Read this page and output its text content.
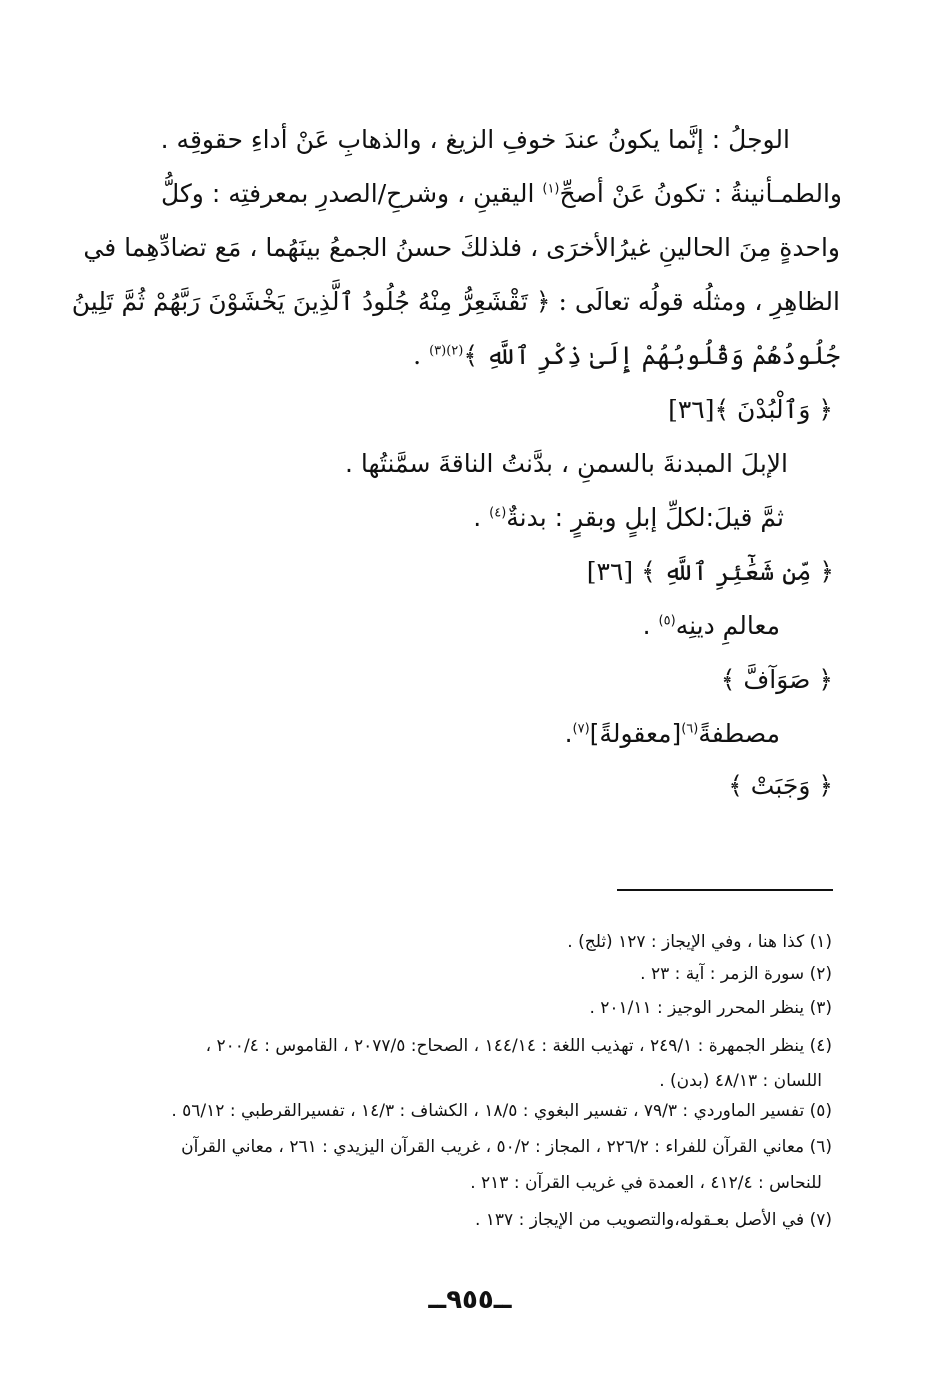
الوجلُ : إنَّما يكونُ عندَ خوفِ الزيغ ، والذهابِ عَنْ أداءِ حقوقِه .
والطمـأنينةُ : تكونُ عَنْ أصحِّ$^{(١)}$ اليقينِ ، وشرحِ/الصدرِ بمعرفتِه : وكلُّ
واحدةٍ مِنَ الحالينِ غيرُالأخرَى ، فلذلكَ حسنُ الجمعُ بينَهُما ، مَع تضادِّهِما في
الظاهِرِ ، ومثلُه قولُه تعالَى : ﴿ تَقْشَعِرُّ مِنْهُ جُلُودُ ٱلَّذِينَ يَخْشَوْنَ رَبَّهُمْ ثُمَّ تَلِينُ
جُلُودُهُمْ وَقُلُوبُهُمْ إِلَىٰ ذِكْرِ ٱللَّهِ ﴾$^{(٢)(٣)}$ .
﴿ وَٱلْبُدْنَ ﴾[٣٦]
الإبلَ المبدنةَ بالسمنِ ، بدَّنتُ الناقةَ سمَّنتُها .
ثمَّ قيلَ:لكلِّ إبلٍ وبقرٍ : بدنةٌ$^{(٤)}$ .
﴿ مِّن شَعَٰٓئِرِ ٱللَّهِ ﴾ [٣٦]
معالمِ دينِه$^{(٥)}$ .
﴿ صَوَآفَّ ﴾
مصطفةً$^{(٦)}$[معقولةً]$^{(٧)}$.
﴿ وَجَبَتْ ﴾
(١) كذا هنا ، وفي الإيجاز : ١٢٧ (ثلج) .
(٢) سورة الزمر : آية : ٢٣ .
(٣) ينظر المحرر الوجيز : ٢٠١/١١ .
(٤) ينظر الجمهرة : ٢٤٩/١ ، تهذيب اللغة : ١٤٤/١٤ ، الصحاح: ٢٠٧٧/٥ ، القاموس : ٢٠٠/٤ ،
اللسان : ٤٨/١٣ (بدن) .
(٥) تفسير الماوردي : ٧٩/٣ ، تفسير البغوي : ١٨/٥ ، الكشاف : ١٤/٣ ، تفسيرالقرطبي : ٥٦/١٢ .
(٦) معاني القرآن للفراء : ٢٢٦/٢ ، المجاز : ٥٠/٢ ، غريب القرآن اليزيدي : ٢٦١ ، معاني القرآن
للنحاس : ٤١٢/٤ ، العمدة في غريب القرآن : ٢١٣ .
(٧) في الأصل بعـقوله،والتصويب من الإيجاز : ١٣٧ .
ــ٩٥٥ــ
